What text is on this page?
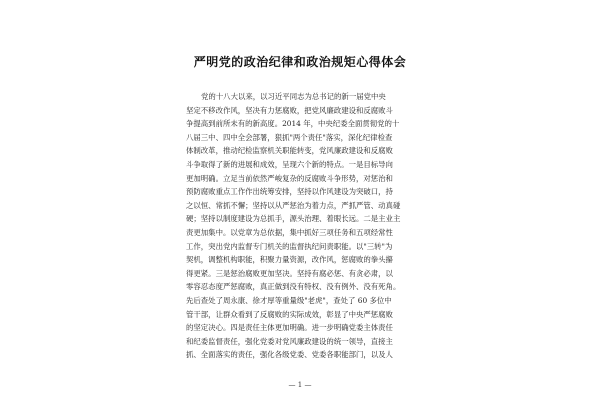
严明党的政治纪律和政治规矩心得体会
党的十八大以来，以习近平同志为总书记的新一届党中央
坚定不移改作风，坚决有力惩腐败，把党风廉政建设和反腐败斗
争提高到前所未有的新高度。2014 年，中央纪委全面贯彻党的十
八届三中、四中全会部署，狠抓"两个责任"落实，深化纪律检查
体制改革，推动纪检监察机关职能转变，党风廉政建设和反腐败
斗争取得了新的进展和成效，呈现六个新的特点。一是目标导向
更加明确。立足当前依然严峻复杂的反腐败斗争形势，对惩治和
预防腐败重点工作作出统筹安排，坚持以作风建设为突破口，持
之以恒、常抓不懈；坚持以从严惩治为着力点，严抓严管、动真碰
硬；坚持以制度建设为总抓手，源头治理、着眼长远。二是主业主
责更加集中。以党章为总依据，集中抓好三项任务和五项经常性
工作，突出党内监督专门机关的监督执纪问责职能。以"三转"为
契机，调整机构职能，积聚力量资源，改作风，惩腐败的拳头攥
得更紧。三是惩治腐败更加坚决。坚持有腐必惩、有贪必肃，以
零容忍态度严惩腐败，真正做到没有特权、没有例外、没有死角。
先后查处了周永康、徐才厚等重量级"老虎"，查处了 60 多位中
管干部，让群众看到了反腐败的实际成效，彰显了中央严惩腐败
的坚定决心。四是责任主体更加明确。进一步明确党委主体责任
和纪委监督责任，强化党委对党风廉政建设的统一领导，直接主
抓、全面落实的责任，强化各级党委、党委各职能部门，以及人
— 1 —
